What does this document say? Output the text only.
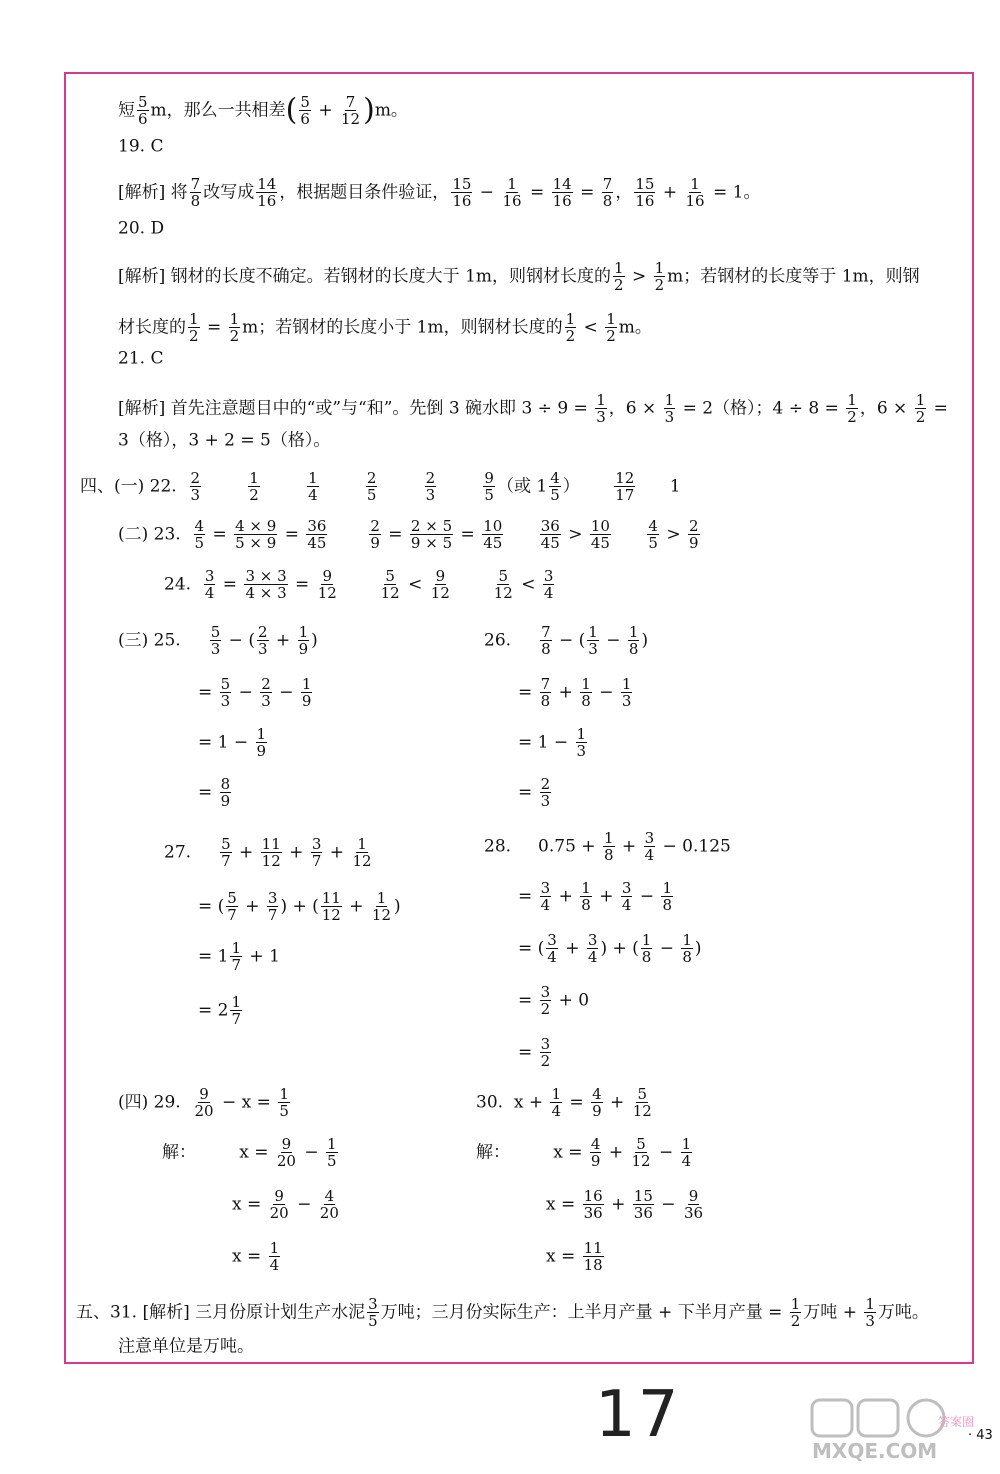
短 $\frac{5}{6}$ m，那么一共相差( $\frac{5}{6} + \frac{7}{12} )m$。
19. C
[解析] 将 $\frac{7}{8}$ 改写成 $\frac{14}{16}$ ，根据题目条件验证， $\frac{15}{16} - \frac{1}{16} = \frac{14}{16} = \frac{7}{8}$ ， $\frac{15}{16} + \frac{1}{16} = 1$。
20. D
[解析] 钢材的长度不确定。若钢材的长度大于 1m，则钢材长度的 $\frac{1}{2} > \frac{1}{2}$ m；若钢材的长度等于 1m，则钢
材长度的 $\frac{1}{2} = \frac{1}{2}$ m；若钢材的长度小于 1m，则钢材长度的 $\frac{1}{2} < \frac{1}{2}$ m。
21. C
[解析] 首先注意题目中的“或”与“和”。先倒 3 碗水即 $3 \div 9 = \frac{1}{3}$ ，$6 \times \frac{1}{3} = 2$（格）；$4 \div 8 = \frac{1}{2}$ ，$6 \times \frac{1}{2}$ =
3（格），3 + 2 = 5（格）。
四、(一) 22. $\frac{2}{3}$
	$\frac{1}{2}$
	$\frac{1}{4}$
	$\frac{2}{5}$
	$\frac{2}{3}$
	$\frac{9}{5}$ （或 $1 \frac{4}{5}$ ） $\frac{12}{17} 1$
(二) 23. $\frac{4}{5} = \frac{4 \times 9}{5 \times 9} = \frac{36}{45}$
	$\frac{2}{9} = \frac{2 \times 5}{9 \times 5} = \frac{10}{45}$
$\frac{36}{45} > \frac{10}{45}$
$\frac{4}{5} > \frac{2}{9}$
24. $\frac{3}{4} = \frac{3 \times 3}{4 \times 3} = \frac{9}{12}$
	$\frac{5}{12} < \frac{9}{12}$
	$\frac{5}{12} < \frac{3}{4}$
(三) 25. $\frac{5}{3}$ − ( $\frac{2}{3} + \frac{1}{9}$ )
= $\frac{5}{3} - \frac{2}{3} - \frac{1}{9}$
= $1 - \frac{1}{9}$
= $\frac{8}{9}$
26. $\frac{7}{8}$ − ( $\frac{1}{3} - \frac{1}{8}$ )
= $\frac{7}{8} + \frac{1}{8} - \frac{1}{3}$
= $1 - \frac{1}{3}$
= $\frac{2}{3}$
27. $\frac{5}{7} + \frac{11}{12} + \frac{3}{7} + \frac{1}{12}$
= ( $\frac{5}{7} + \frac{3}{7}$ ) + ( $\frac{11}{12} + \frac{1}{12}$ )
= $1 \frac{1}{7} + 1$
= $2 \frac{1}{7}$
28.     $0.75 + \frac{1}{8} + \frac{3}{4} - 0.125$
= $\frac{3}{4} + \frac{1}{8} + \frac{3}{4} - \frac{1}{8}$
= ( $\frac{3}{4} + \frac{3}{4}$ ) + ( $\frac{1}{8} - \frac{1}{8}$ )
= $\frac{3}{2} + 0$
= $\frac{3}{2}$
(四) 29. $\frac{9}{20} - x = \frac{1}{5}$
解：        $x = \frac{9}{20} - \frac{1}{5}$
$x = \frac{9}{20} - \frac{4}{20}$
$x = \frac{1}{4}$
30.  $x + \frac{1}{4} = \frac{4}{9} + \frac{5}{12}$
解：        $x = \frac{4}{9} + \frac{5}{12} - \frac{1}{4}$
$x = \frac{16}{36} + \frac{15}{36} - \frac{9}{36}$
$x = \frac{11}{18}$
五、31. [解析] 三月份原计划生产水泥 $\frac{3}{5}$ 万吨；三月份实际生产：上半月产量 + 下半月产量 = $\frac{1}{2}$ 万吨 + $\frac{1}{3}$ 万吨。
注意单位是万吨。
17	· 43
答案圈
MXQE.COM
